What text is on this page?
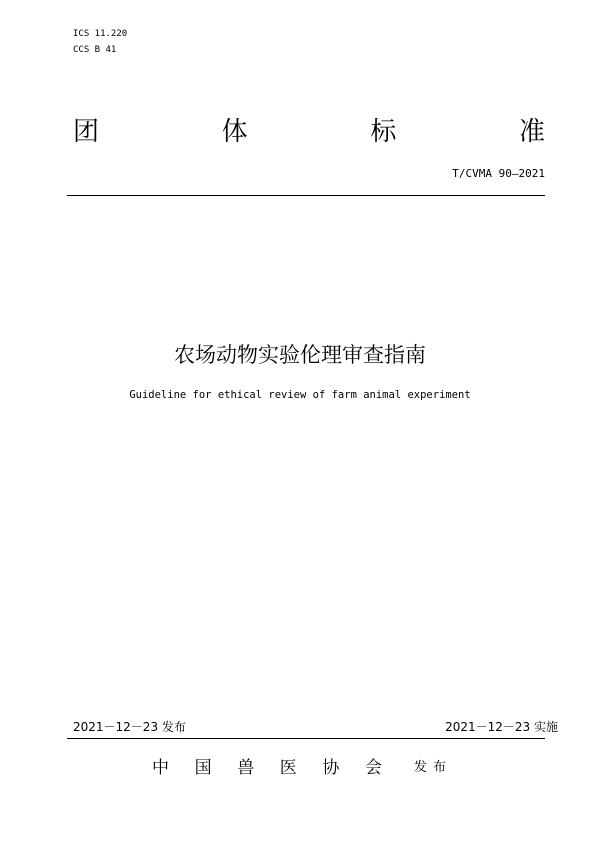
ICS 11.220
CCS B 41
团	体	标	准
T/CVMA 90—2021
农场动物实验伦理审查指南
Guideline for ethical review of farm animal experiment
2021－12－23 发布	2021－12－23 实施
中 国 兽 医 协 会 发布
